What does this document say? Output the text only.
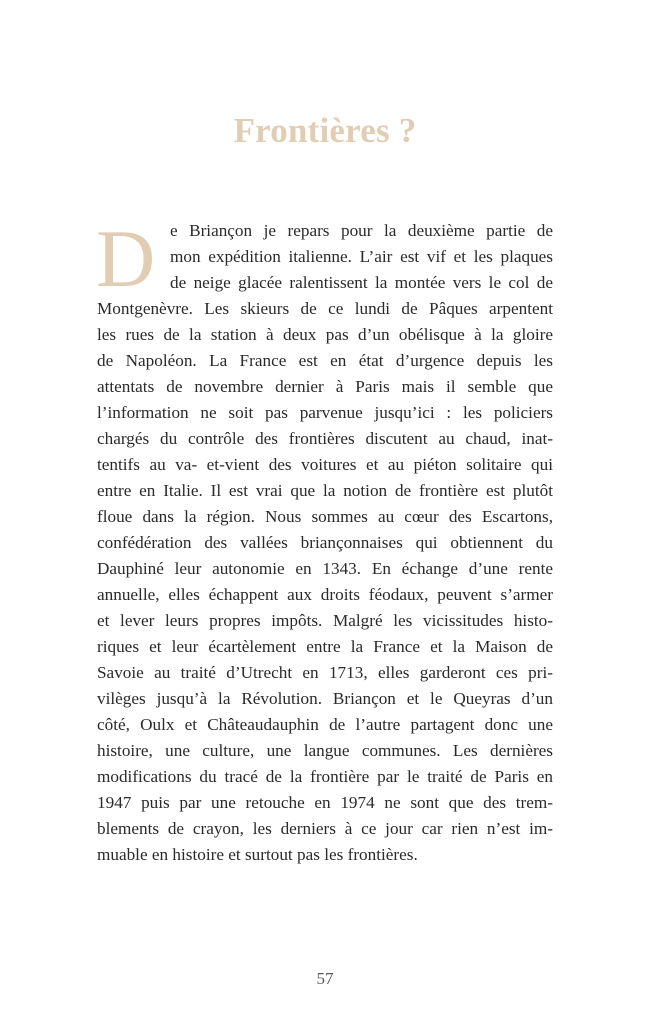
Frontières ?
D e Briançon je repars pour la deuxième partie de
mon expédition italienne. L’air est vif et les plaques
de neige glacée ralentissent la montée vers le col de
Montgenèvre. Les skieurs de ce lundi de Pâques arpentent
les rues de la station à deux pas d’un obélisque à la gloire
de Napoléon. La France est en état d’urgence depuis les
attentats de novembre dernier à Paris mais il semble que
l’information ne soit pas parvenue jusqu’ici : les policiers
chargés du contrôle des frontières discutent au chaud, inat-
tentifs au va- et-vient des voitures et au piéton solitaire qui
entre en Italie. Il est vrai que la notion de frontière est plutôt
floue dans la région. Nous sommes au cœur des Escartons,
confédération des vallées briançonnaises qui obtiennent du
Dauphiné leur autonomie en 1343. En échange d’une rente
annuelle, elles échappent aux droits féodaux, peuvent s’armer
et lever leurs propres impôts. Malgré les vicissitudes histo-
riques et leur écartèlement entre la France et la Maison de
Savoie au traité d’Utrecht en 1713, elles garderont ces pri-
vilèges jusqu’à la Révolution. Briançon et le Queyras d’un
côté, Oulx et Châteaudauphin de l’autre partagent donc une
histoire, une culture, une langue communes. Les dernières
modifications du tracé de la frontière par le traité de Paris en
1947 puis par une retouche en 1974 ne sont que des trem-
blements de crayon, les derniers à ce jour car rien n’est im-
muable en histoire et surtout pas les frontières.
57
